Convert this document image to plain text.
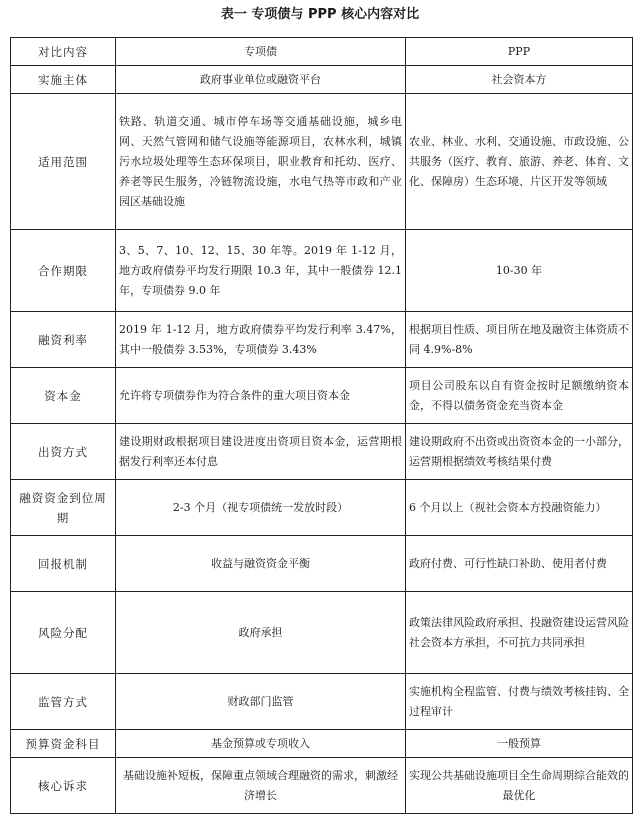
表一 专项债与 PPP 核心内容对比
对比内容	专项债	PPP
实施主体	政府事业单位或融资平台	社会资本方
适用范围	铁路、轨道交通、城市停车场等交通基础设施，城乡电网、天然气管网和储气设施等能源项目，农林水利，城镇污水垃圾处理等生态环保项目，职业教育和托幼、医疗、养老等民生服务，冷链物流设施，水电气热等市政和产业园区基础设施	农业、林业、水利、交通设施、市政设施、公共服务（医疗、教育、旅游、养老、体育、文化、保障房）生态环境、片区开发等领域
合作期限	3、5、7、10、12、15、30 年等。2019 年 1-12 月，地方政府债券平均发行期限 10.3 年，其中一般债券 12.1 年，专项债券 9.0 年	10-30 年
融资利率	2019 年 1-12 月，地方政府债券平均发行利率 3.47%，其中一般债券 3.53%，专项债券 3.43%	根据项目性质、项目所在地及融资主体资质不同 4.9%-8%
资本金	允许将专项债券作为符合条件的重大项目资本金	项目公司股东以自有资金按时足额缴纳资本金，不得以债务资金充当资本金
出资方式	建设期财政根据项目建设进度出资项目资本金，运营期根据发行利率还本付息	建设期政府不出资或出资资本金的一小部分，运营期根据绩效考核结果付费
融资资金到位周期	2-3 个月（视专项债统一发放时段）	6 个月以上（视社会资本方投融资能力）
回报机制	收益与融资资金平衡	政府付费、可行性缺口补助、使用者付费
风险分配	政府承担	政策法律风险政府承担、投融资建设运营风险社会资本方承担，不可抗力共同承担
监管方式	财政部门监管	实施机构全程监管、付费与绩效考核挂钩、全过程审计
预算资金科目	基金预算或专项收入	一般预算
核心诉求	基础设施补短板，保障重点领域合理融资的需求，刺激经济增长	实现公共基础设施项目全生命周期综合能效的最优化
